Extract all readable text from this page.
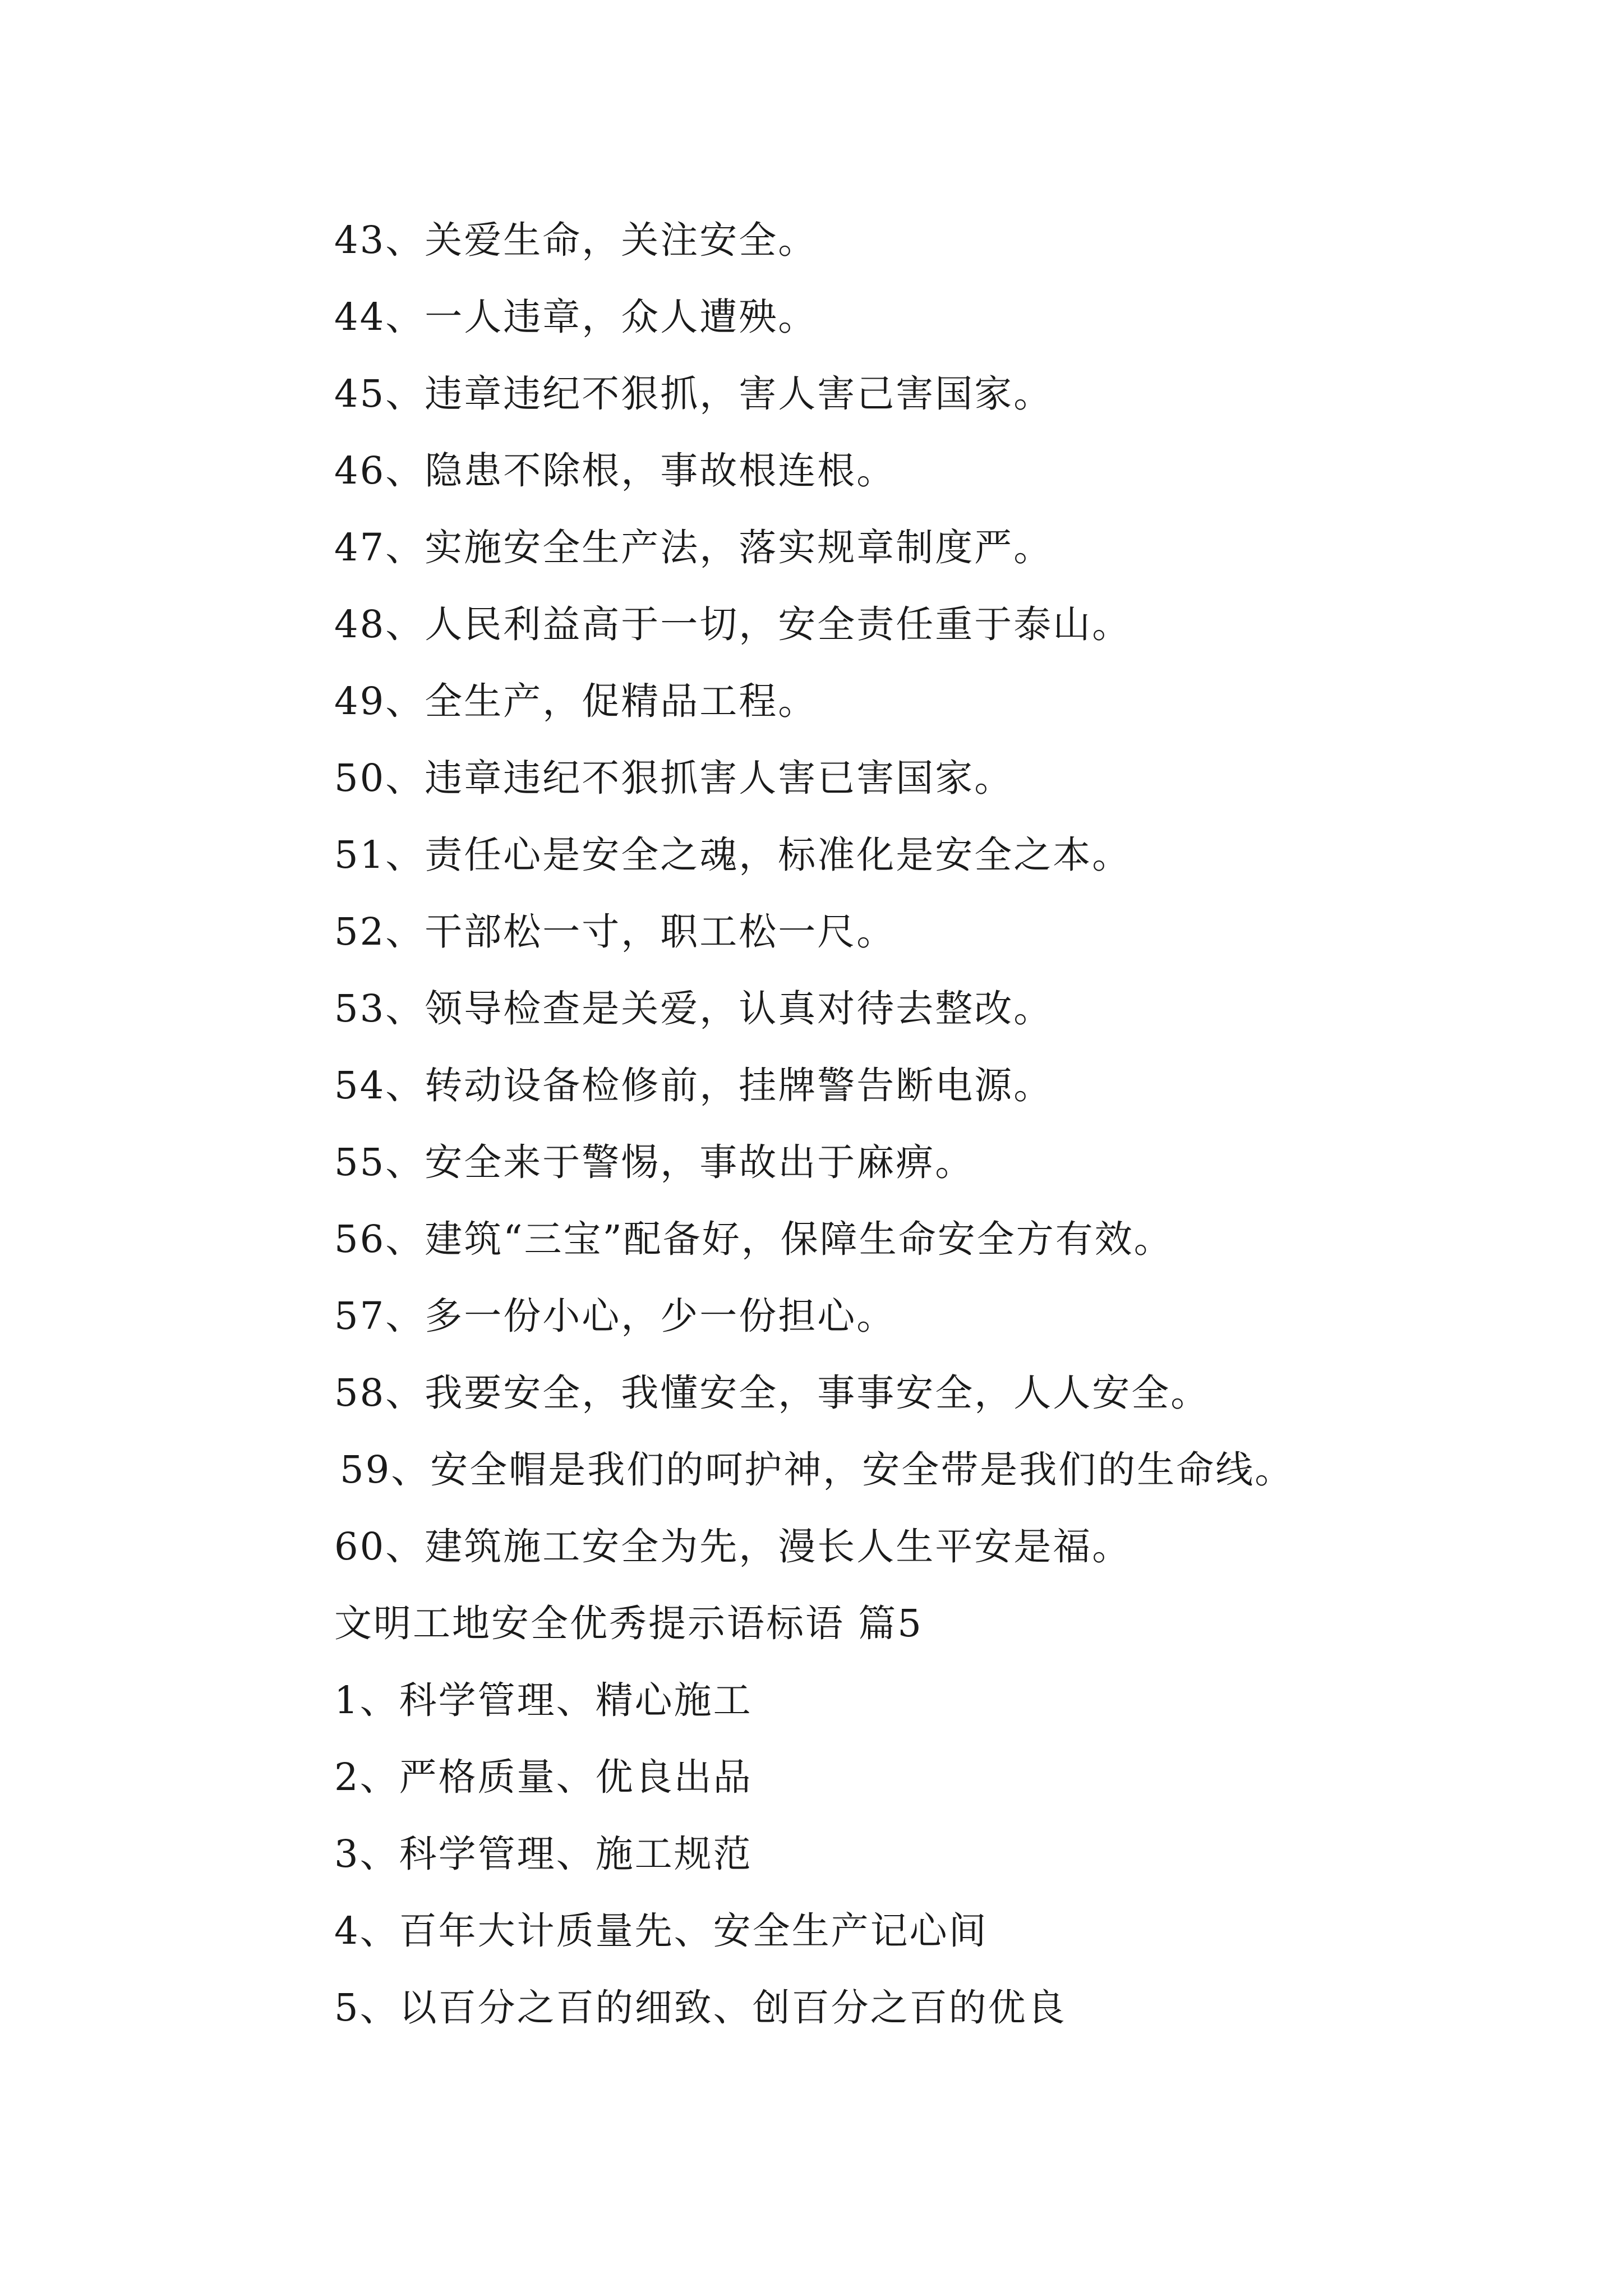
43、关爱生命，关注安全。
44、一人违章，众人遭殃。
45、违章违纪不狠抓，害人害己害国家。
46、隐患不除根，事故根连根。
47、实施安全生产法，落实规章制度严。
48、人民利益高于一切，安全责任重于泰山。
49、全生产，促精品工程。
50、违章违纪不狠抓害人害已害国家。
51、责任心是安全之魂，标准化是安全之本。
52、干部松一寸，职工松一尺。
53、领导检查是关爱，认真对待去整改。
54、转动设备检修前，挂牌警告断电源。
55、安全来于警惕，事故出于麻痹。
56、建筑“三宝”配备好，保障生命安全方有效。
57、多一份小心，少一份担心。
58、我要安全，我懂安全，事事安全，人人安全。
59、安全帽是我们的呵护神，安全带是我们的生命线。
60、建筑施工安全为先，漫长人生平安是福。
文明工地安全优秀提示语标语 篇5
1、科学管理、精心施工
2、严格质量、优良出品
3、科学管理、施工规范
4、百年大计质量先、安全生产记心间
5、以百分之百的细致、创百分之百的优良
